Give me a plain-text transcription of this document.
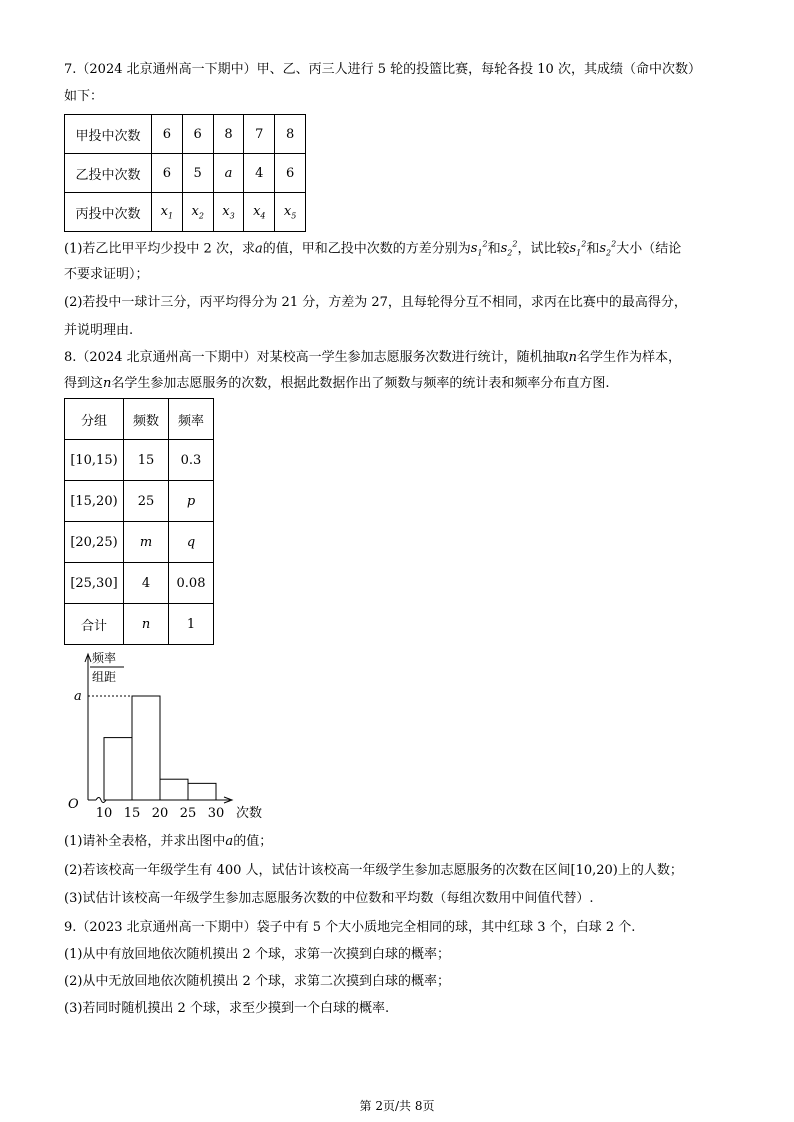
7.（2024 北京通州高一下期中）甲、乙、丙三人进行 5 轮的投篮比赛，每轮各投 10 次，其成绩（命中次数）
如下：
甲投中次数	6	6	8	7	8
乙投中次数	6	5	a	4	6
丙投中次数	$x_1$	$x_2$	$x_3$	$x_4$	$x_5$
(1)若乙比甲平均少投中 2 次，求a的值，甲和乙投中次数的方差分别为$s_1^2$和$s_2^2$，试比较$s_1^2$和$s_2^2$大小（结论
不要求证明）；
(2)若投中一球计三分，丙平均得分为 21 分，方差为 27，且每轮得分互不相同，求丙在比赛中的最高得分，
并说明理由.
8.（2024 北京通州高一下期中）对某校高一学生参加志愿服务次数进行统计，随机抽取n名学生作为样本，
得到这n名学生参加志愿服务的次数，根据此数据作出了频数与频率的统计表和频率分布直方图.
分组	频数	频率
[10,15)	15	0.3
[15,20)	25	p
[20,25)	m	q
[25,30]	4	0.08
合计	n	1
a
O
10 15 20 25 30 次数
频率
组距
(1)请补全表格，并求出图中a的值；
(2)若该校高一年级学生有 400 人，试估计该校高一年级学生参加志愿服务的次数在区间[10,20)上的人数；
(3)试估计该校高一年级学生参加志愿服务次数的中位数和平均数（每组次数用中间值代替）.
9.（2023 北京通州高一下期中）袋子中有 5 个大小质地完全相同的球，其中红球 3 个，白球 2 个.
(1)从中有放回地依次随机摸出 2 个球，求第一次摸到白球的概率；
(2)从中无放回地依次随机摸出 2 个球，求第二次摸到白球的概率；
(3)若同时随机摸出 2 个球，求至少摸到一个白球的概率.
第 2页/共 8页
